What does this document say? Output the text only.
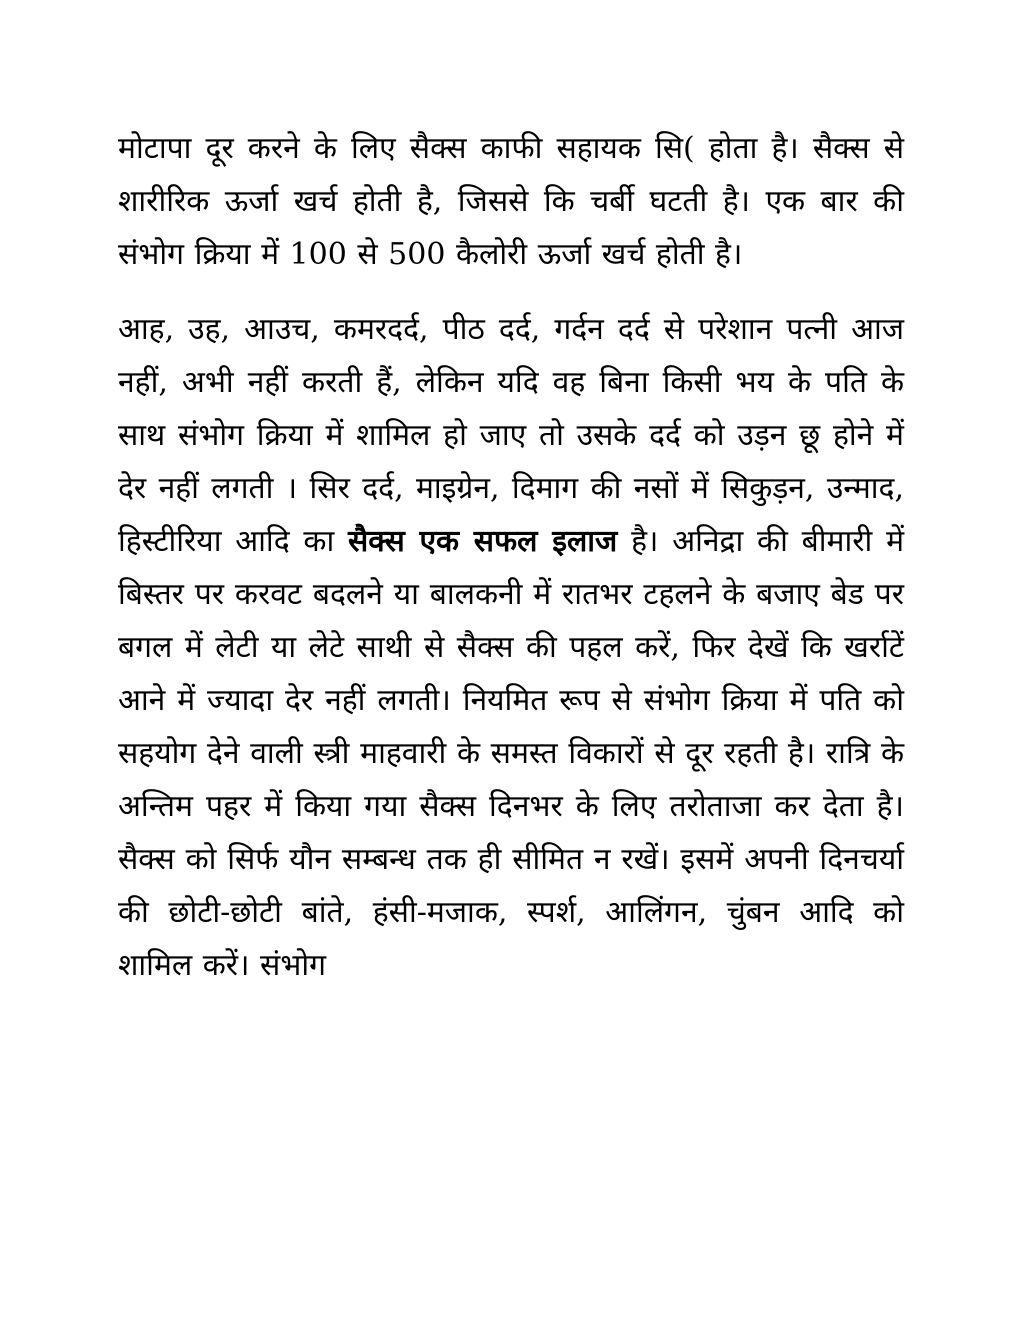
मोटापा दूर करने के लिए सैक्स काफी सहायक सि( होता है। सैक्स से शारीरिक ऊर्जा खर्च होती है, जिससे कि चर्बी घटती है। एक बार की संभोग क्रिया में 100 से 500 कैलोरी ऊर्जा खर्च होती है।

आह, उह, आउच, कमरदर्द, पीठ दर्द, गर्दन दर्द से परेशान पत्नी आज नहीं, अभी नहीं करती हैं, लेकिन यदि वह बिना किसी भय के पति के साथ संभोग क्रिया में शामिल हो जाए तो उसके दर्द को उड़न छू होने में देर नहीं लगती । सिर दर्द, माइग्रेन, दिमाग की नसों में सिकुड़न, उन्माद, हिस्टीरिया आदि का सैक्स एक सफल इलाज है। अनिद्रा की बीमारी में बिस्तर पर करवट बदलने या बालकनी में रातभर टहलने के बजाए बेड पर बगल में लेटी या लेटे साथी से सैक्स की पहल करें, फिर देखें कि खर्राटें आने में ज्यादा देर नहीं लगती। नियमित रूप से संभोग क्रिया में पति को सहयोग देने वाली स्त्री माहवारी के समस्त विकारों से दूर रहती है। रात्रि के अन्तिम पहर में किया गया सैक्स दिनभर के लिए तरोताजा कर देता है। सैक्स को सिर्फ यौन सम्बन्ध तक ही सीमित न रखें। इसमें अपनी दिनचर्या की छोटी-छोटी बांते, हंसी-मजाक, स्पर्श, आलिंगन, चुंबन आदि को शामिल करें। संभोग
